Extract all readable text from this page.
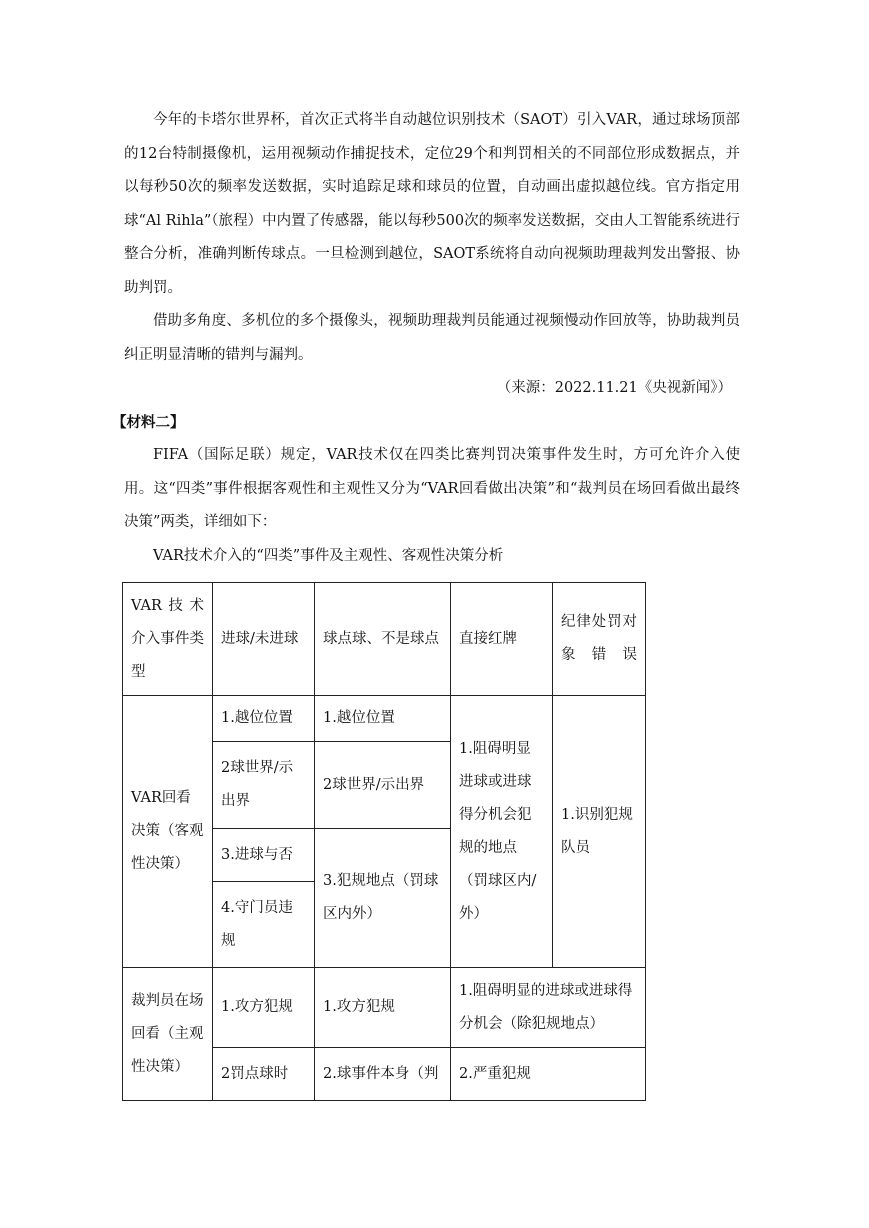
今年的卡塔尔世界杯，首次正式将半自动越位识别技术（SAOT）引入VAR，通过球场顶部的12台特制摄像机，运用视频动作捕捉技术，定位29个和判罚相关的不同部位形成数据点，并以每秒50次的频率发送数据，实时追踪足球和球员的位置，自动画出虚拟越位线。官方指定用球“Al Rihla”（旅程）中内置了传感器，能以每秒500次的频率发送数据，交由人工智能系统进行整合分析，准确判断传球点。一旦检测到越位，SAOT系统将自动向视频助理裁判发出警报、协助判罚。

借助多角度、多机位的多个摄像头，视频助理裁判员能通过视频慢动作回放等，协助裁判员纠正明显清晰的错判与漏判。

（来源：2022.11.21《央视新闻》）

【材料二】

FIFA（国际足联）规定，VAR技术仅在四类比赛判罚决策事件发生时，方可允许介入使用。这“四类”事件根据客观性和主观性又分为“VAR回看做出决策”和“裁判员在场回看做出最终决策”两类，详细如下：

VAR技术介入的“四类”事件及主观性、客观性决策分析

VAR技术介入事件类型	进球/未进球	球点球、不是球点	直接红牌	纪律处罚对象错误
VAR回看决策（客观性决策）	1.越位位置	1.越位位置	1.阻碍明显进球或进球得分机会犯规的地点（罚球区内/外）	1.识别犯规队员
	2球世界/示出界	2球世界/示出界		
	3.进球与否	3.犯规地点（罚球区内外）		
	4.守门员违规			
裁判员在场回看（主观性决策）	1.攻方犯规	1.攻方犯规	1.阻碍明显的进球或进球得分机会（除犯规地点）	
	2罚点球时	2.球事件本身（判	2.严重犯规	
